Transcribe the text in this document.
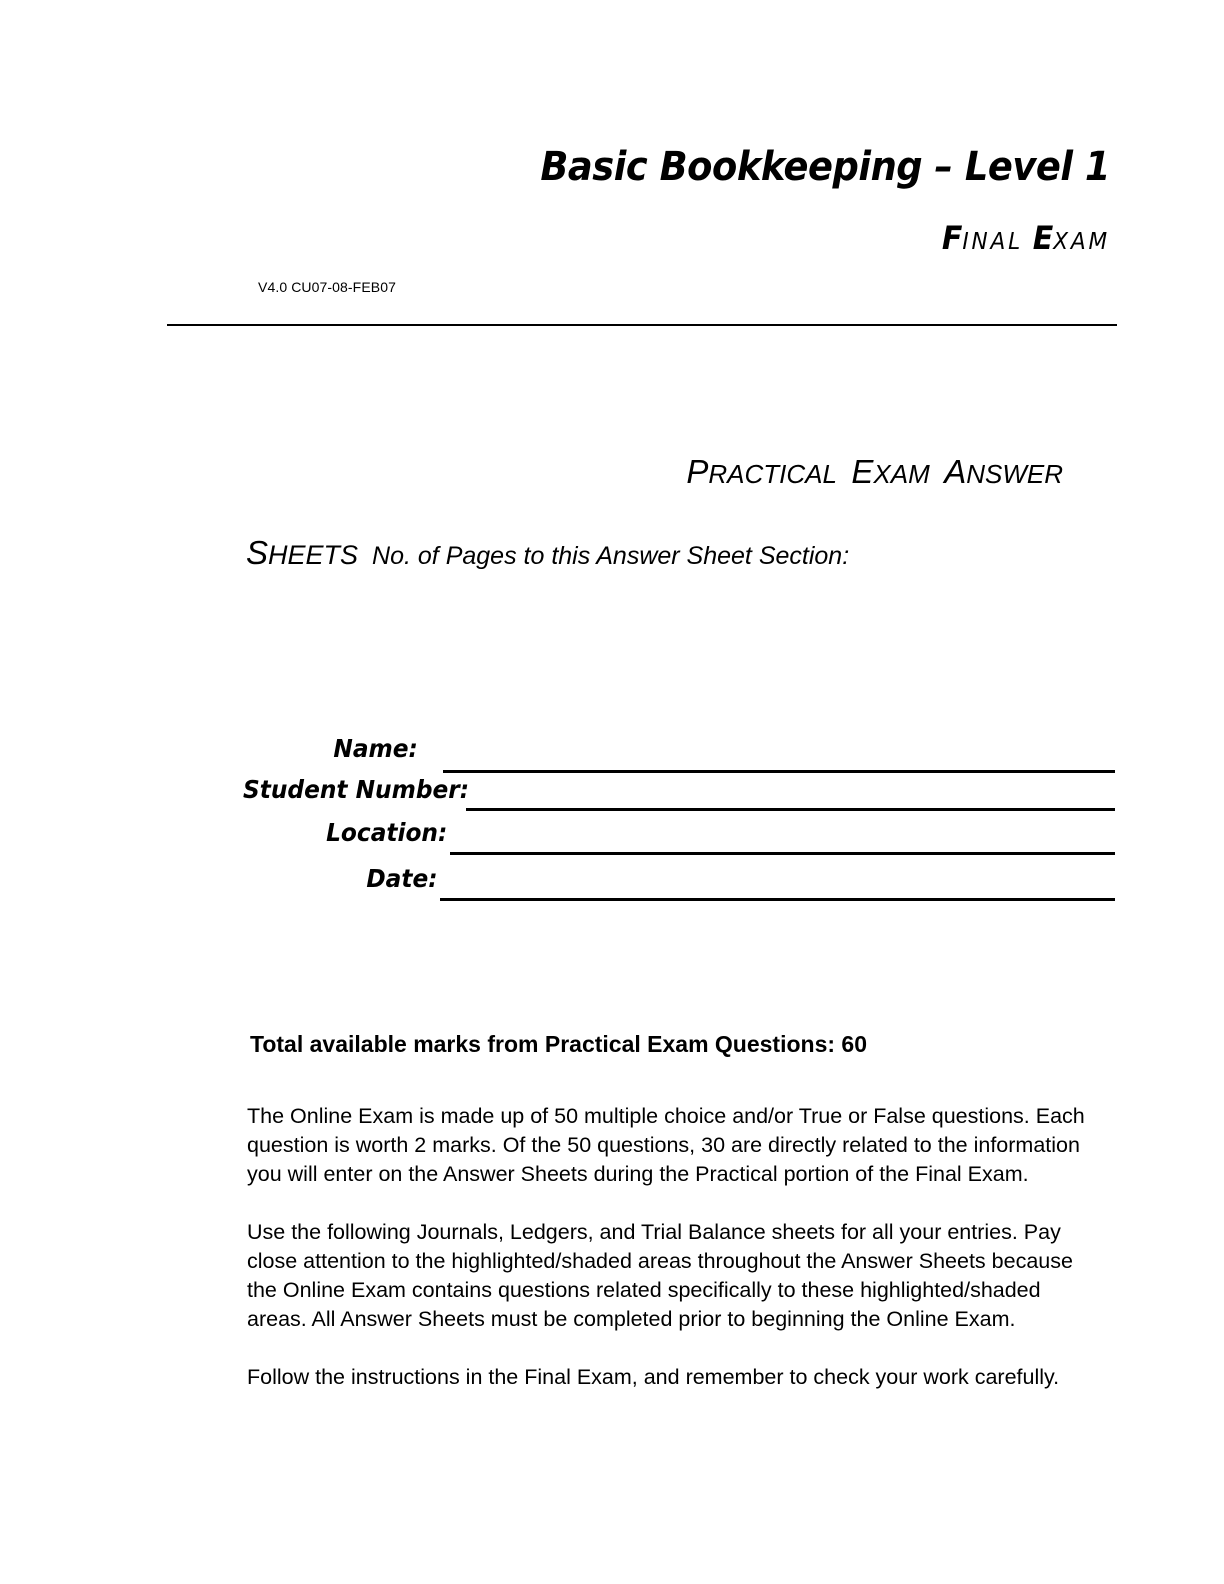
Basic Bookkeeping – Level 1
FINAL EXAM
V4.0 CU07-08-FEB07
PRACTICAL EXAM ANSWER
SHEETS No. of Pages to this Answer Sheet Section:
Name:
Student Number:
Location:
Date:
Total available marks from Practical Exam Questions: 60

The Online Exam is made up of 50 multiple choice and/or True or False questions. Each question is worth 2 marks. Of the 50 questions, 30 are directly related to the information you will enter on the Answer Sheets during the Practical portion of the Final Exam.

Use the following Journals, Ledgers, and Trial Balance sheets for all your entries. Pay close attention to the highlighted/shaded areas throughout the Answer Sheets because the Online Exam contains questions related specifically to these highlighted/shaded areas. All Answer Sheets must be completed prior to beginning the Online Exam.

Follow the instructions in the Final Exam, and remember to check your work carefully.
